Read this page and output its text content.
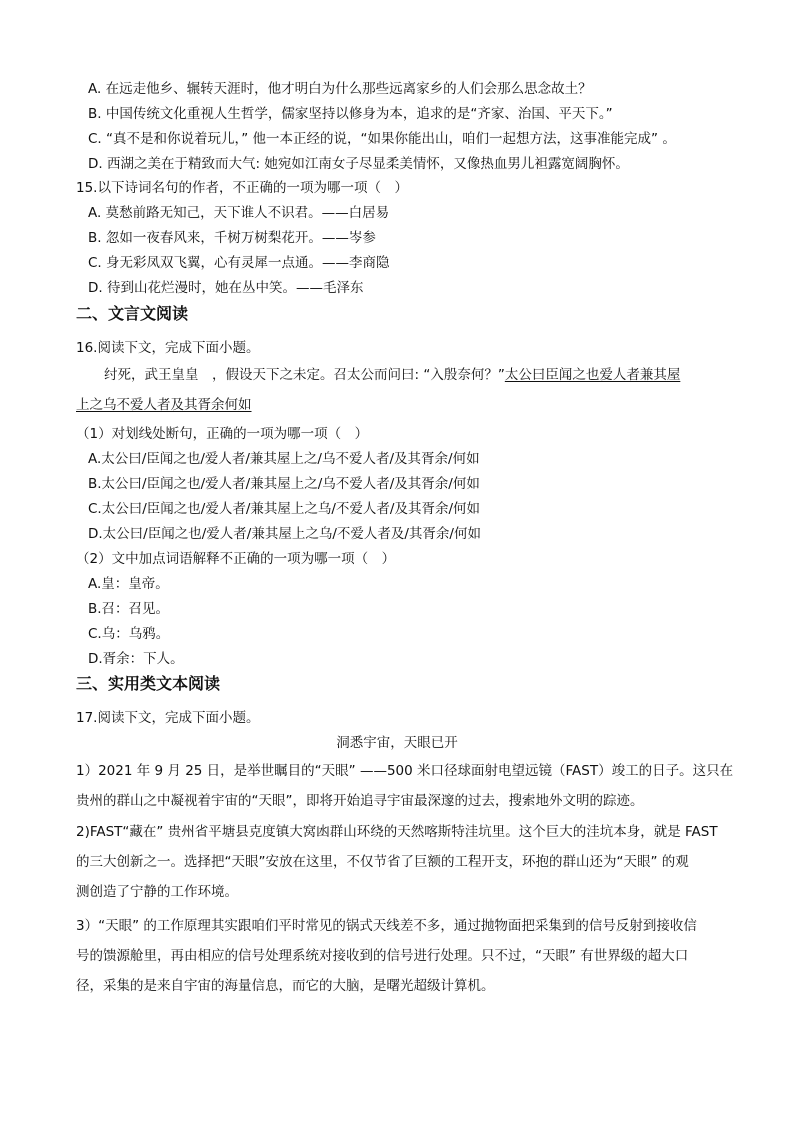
A. 在远走他乡、辗转天涯时，他才明白为什么那些远离家乡的人们会那么思念故土？
B. 中国传统文化重视人生哲学，儒家坚持以修身为本，追求的是“齐家、治国、平天下。”
C. “真不是和你说着玩儿，” 他一本正经的说，“如果你能出山，咱们一起想方法，这事准能完成” 。
D. 西湖之美在于精致而大气: 她宛如江南女子尽显柔美情怀，又像热血男儿袒露宽阔胸怀。
15.以下诗词名句的作者，不正确的一项为哪一项（　）
A. 莫愁前路无知己，天下谁人不识君。——白居易
B. 忽如一夜春风来，千树万树梨花开。——岑参
C. 身无彩凤双飞翼，心有灵犀一点通。——李商隐
D. 待到山花烂漫时，她在丛中笑。——毛泽东
二、文言文阅读
16.阅读下文，完成下面小题。
纣死，武王皇皇　，假设天下之未定。召太公而问曰: “入殷奈何？”太公曰臣闻之也爱人者兼其屋
上之乌不爱人者及其胥余何如
（1）对划线处断句，正确的一项为哪一项（　）
A.太公曰/臣闻之也/爱人者/兼其屋上之/乌不爱人者/及其胥余/何如
B.太公曰/臣闻之也/爱人者/兼其屋上之/乌不爱人者/及其胥余/何如
C.太公曰/臣闻之也/爱人者/兼其屋上之乌/不爱人者/及其胥余/何如
D.太公曰/臣闻之也/爱人者/兼其屋上之乌/不爱人者及/其胥余/何如
（2）文中加点词语解释不正确的一项为哪一项（　）
A.皇：皇帝。
B.召：召见。
C.乌：乌鸦。
D.胥余：下人。
三、实用类文本阅读
17.阅读下文，完成下面小题。
洞悉宇宙，天眼已开
1）2021 年 9 月 25 日，是举世瞩目的“天眼” ——500 米口径球面射电望远镜（FAST）竣工的日子。这只在
贵州的群山之中凝视着宇宙的“天眼”，即将开始追寻宇宙最深邃的过去，搜索地外文明的踪迹。
2)FAST“藏在” 贵州省平塘县克度镇大窝凼群山环绕的天然喀斯特洼坑里。这个巨大的洼坑本身，就是 FAST
的三大创新之一。选择把“天眼”安放在这里，不仅节省了巨额的工程开支，环抱的群山还为“天眼” 的观
测创造了宁静的工作环境。
3）“天眼” 的工作原理其实跟咱们平时常见的锅式天线差不多，通过抛物面把采集到的信号反射到接收信
号的馈源舱里，再由相应的信号处理系统对接收到的信号进行处理。只不过，“天眼” 有世界级的超大口
径，采集的是来自宇宙的海量信息，而它的大脑，是曙光超级计算机。
